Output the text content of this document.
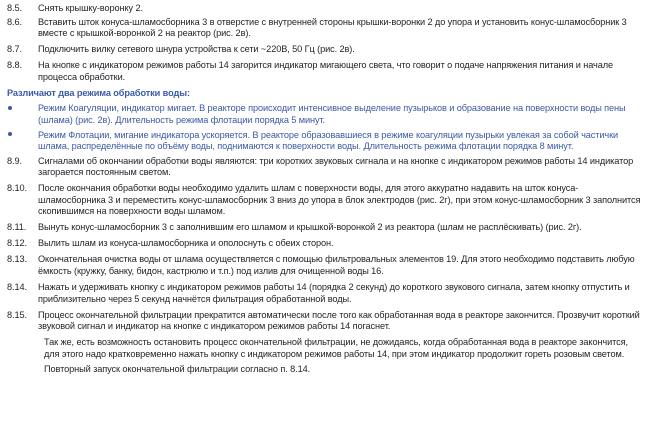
8.5.	Снять крышку-воронку 2.
8.6.	Вставить шток конуса-шламосборника 3 в отверстие с внутренней стороны крышки-воронки 2 до упора и установить конус-шламосборник 3 вместе с крышкой-воронкой 2 на реактор (рис. 2в).
8.7.	Подключить вилку сетевого шнура устройства к сети ~220В, 50 Гц (рис. 2в).
8.8.	На кнопке с индикатором режимов работы 14 загорится индикатор мигающего света, что говорит о подаче напряжения питания и начале процесса обработки.
Различают два режима обработки воды:
Режим Коагуляции, индикатор мигает. В реакторе происходит интенсивное выделение пузырьков и образование на поверхности воды пены (шлама) (рис. 2в). Длительность режима флотации порядка 5 минут.
Режим Флотации, мигание индикатора ускоряется. В реакторе образовавшиеся в режиме коагуляции пузырьки увлекая за собой частички шлама, распределённые по объёму воды, поднимаются к поверхности воды. Длительность режима флотации порядка 8 минут.
8.9.	Сигналами об окончании обработки воды являются: три коротких звуковых сигнала и на кнопке с индикатором режимов работы 14 индикатор загорается постоянным светом.
8.10.	После окончания обработки воды необходимо удалить шлам с поверхности воды, для этого аккуратно надавить на шток конуса-шламосборника 3 и переместить конус-шламосборник 3 вниз до упора в блок электродов (рис. 2г), при этом конус-шламосборник 3 заполнится скопившимся на поверхности воды шламом.
8.11.	Вынуть конус-шламосборник 3 с заполнившим его шламом и крышкой-воронкой 2 из реактора (шлам не расплёскивать) (рис. 2г).
8.12.	Вылить шлам из конуса-шламосборника и ополоснуть с обеих сторон.
8.13.	Окончательная очистка воды от шлама осуществляется с помощью фильтровальных элементов 19. Для этого необходимо подставить любую ёмкость (кружку, банку, бидон, кастрюлю и т.п.) под излив для очищенной воды 16.
8.14.	Нажать и удерживать кнопку с индикатором режимов работы 14 (порядка 2 секунд) до короткого звукового сигнала, затем кнопку отпустить и приблизительно через 5 секунд начнётся фильтрация обработанной воды.
8.15.	Процесс окончательной фильтрации прекратится автоматически после того как обработанная вода в реакторе закончится. Прозвучит короткий звуковой сигнал и индикатор на кнопке с индикатором режимов работы 14 погаснет.
Так же, есть возможность остановить процесс окончательной фильтрации, не дожидаясь, когда обработанная вода в реакторе закончится, для этого надо кратковременно нажать кнопку с индикатором режимов работы 14, при этом индикатор продолжит гореть розовым светом.
Повторный запуск окончательной фильтрации согласно п. 8.14.
